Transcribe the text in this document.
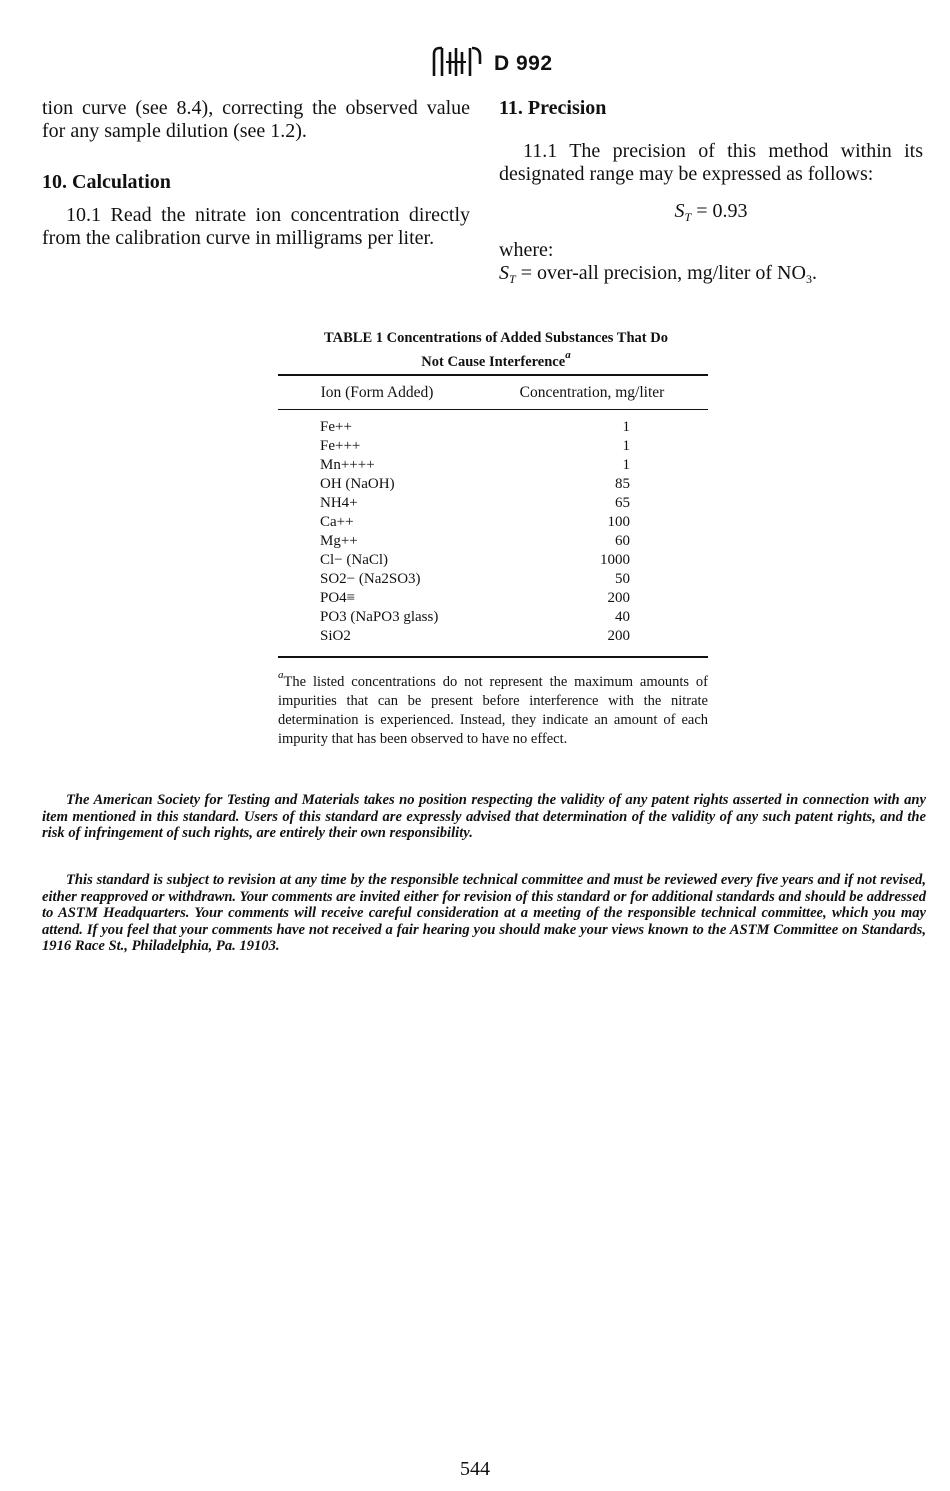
D 992

tion curve (see 8.4), correcting the observed value for any sample dilution (see 1.2).

10. Calculation

10.1 Read the nitrate ion concentration directly from the calibration curve in milligrams per liter.

11. Precision

11.1 The precision of this method within its designated range may be expressed as follows:

$S_T = 0.93$

where:

$S_T$ = over-all precision, mg/liter of $NO_3$.

TABLE 1 Concentrations of Added Substances That Do
Not Cause Interference$^a$
Ion (Form Added)	Concentration, mg/liter
Fe++	1
Fe+++	1
Mn++++	1
OH (NaOH)	85
NH4+	65
Ca++	100
Mg++	60
Cl− (NaCl)	1000
SO2− (Na2SO3)	50
PO4≡	200
PO3 (NaPO3 glass)	40
SiO2	200
$^a$The listed concentrations do not represent the maximum amounts of impurities that can be present before interference with the nitrate determination is experienced. Instead, they indicate an amount of each impurity that has been observed to have no effect.

The American Society for Testing and Materials takes no position respecting the validity of any patent rights asserted in connection with any item mentioned in this standard. Users of this standard are expressly advised that determination of the validity of any such patent rights, and the risk of infringement of such rights, are entirely their own responsibility.

This standard is subject to revision at any time by the responsible technical committee and must be reviewed every five years and if not revised, either reapproved or withdrawn. Your comments are invited either for revision of this standard or for additional standards and should be addressed to ASTM Headquarters. Your comments will receive careful consideration at a meeting of the responsible technical committee, which you may attend. If you feel that your comments have not received a fair hearing you should make your views known to the ASTM Committee on Standards, 1916 Race St., Philadelphia, Pa. 19103.

544
